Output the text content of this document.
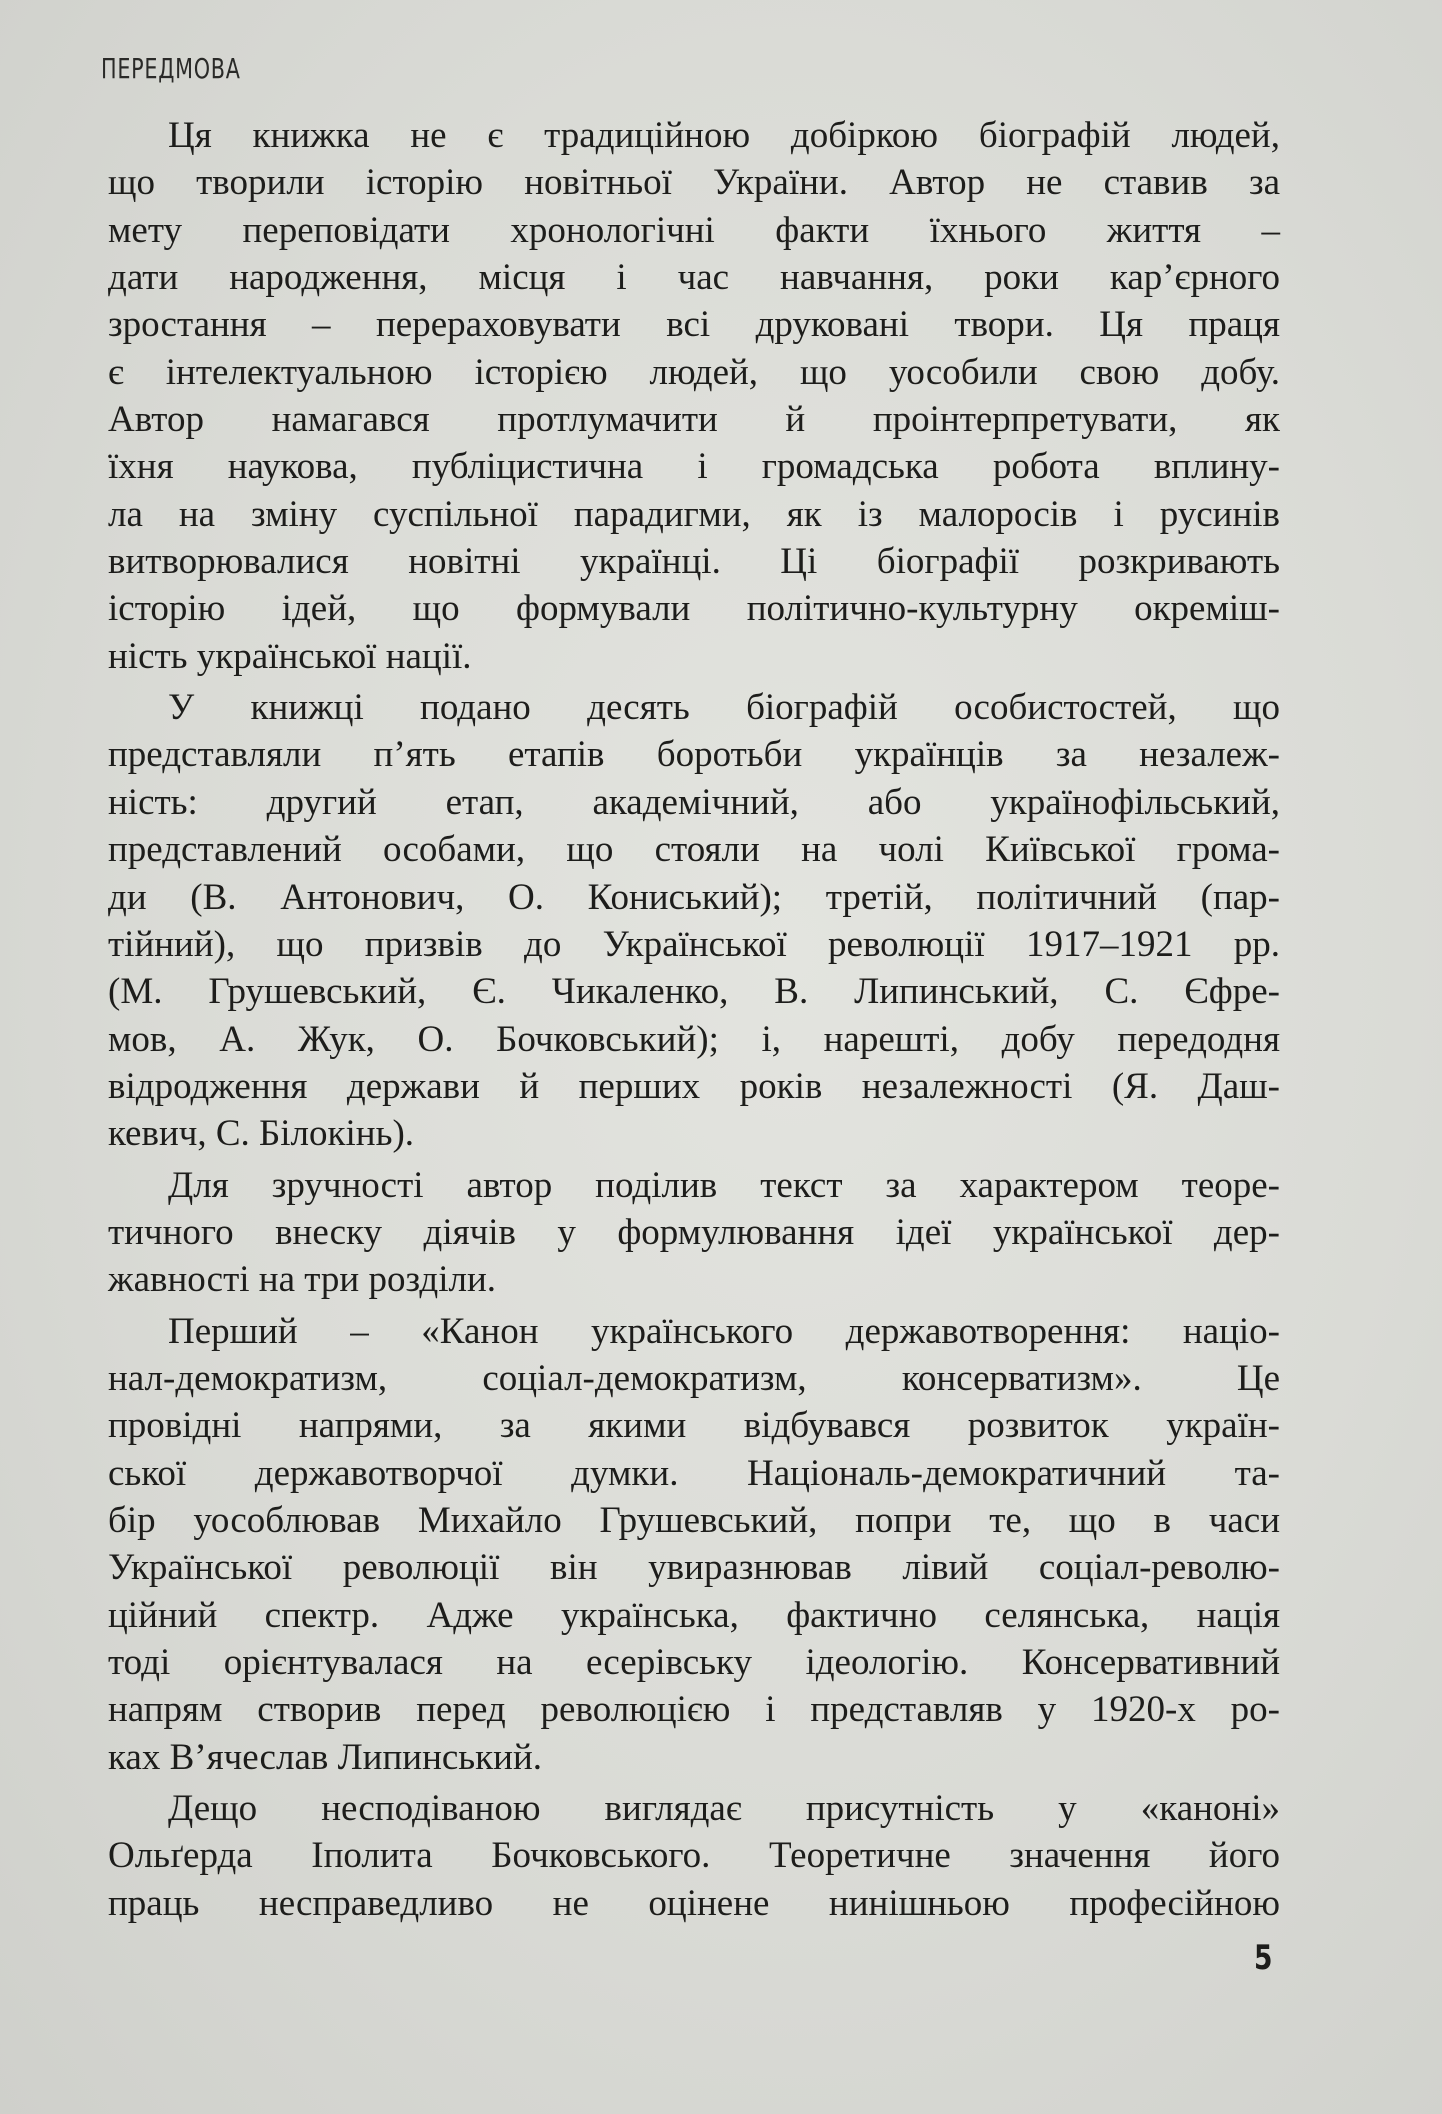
ПЕРЕДМОВА
Ця книжка не є традиційною добіркою біографій людей,
що творили історію новітньої України. Автор не ставив за
мету переповідати хронологічні факти їхнього життя –
дати народження, місця і час навчання, роки кар’єрного
зростання – перераховувати всі друковані твори. Ця праця
є інтелектуальною історією людей, що уособили свою добу.
Автор намагався протлумачити й проінтерпретувати, як
їхня наукова, публіцистична і громадська робота вплину-
ла на зміну суспільної парадигми, як із малоросів і русинів
витворювалися новітні українці. Ці біографії розкривають
історію ідей, що формували політично-культурну окреміш-
ність української нації.
У книжці подано десять біографій особистостей, що
представляли п’ять етапів боротьби українців за незалеж-
ність: другий етап, академічний, або українофільський,
представлений особами, що стояли на чолі Київської грома-
ди (В. Антонович, О. Кониський); третій, політичний (пар-
тійний), що призвів до Української революції 1917–1921 рр.
(М. Грушевський, Є. Чикаленко, В. Липинський, С. Єфре-
мов, А. Жук, О. Бочковський); і, нарешті, добу передодня
відродження держави й перших років незалежності (Я. Даш-
кевич, С. Білокінь).
Для зручності автор поділив текст за характером теоре-
тичного внеску діячів у формулювання ідеї української дер-
жавності на три розділи.
Перший – «Канон українського державотворення: націо-
нал-демократизм, соціал-демократизм, консерватизм». Це
провідні напрями, за якими відбувався розвиток україн-
ської державотворчої думки. Національ-демократичний та-
бір уособлював Михайло Грушевський, попри те, що в часи
Української революції він увиразнював лівий соціал-револю-
ційний спектр. Адже українська, фактично селянська, нація
тоді орієнтувалася на есерівську ідеологію. Консервативний
напрям створив перед революцією і представляв у 1920-х ро-
ках В’ячеслав Липинський.
Дещо несподіваною виглядає присутність у «каноні»
Ольґерда Іполита Бочковського. Теоретичне значення його
праць несправедливо не оцінене нинішньою професійною
5
